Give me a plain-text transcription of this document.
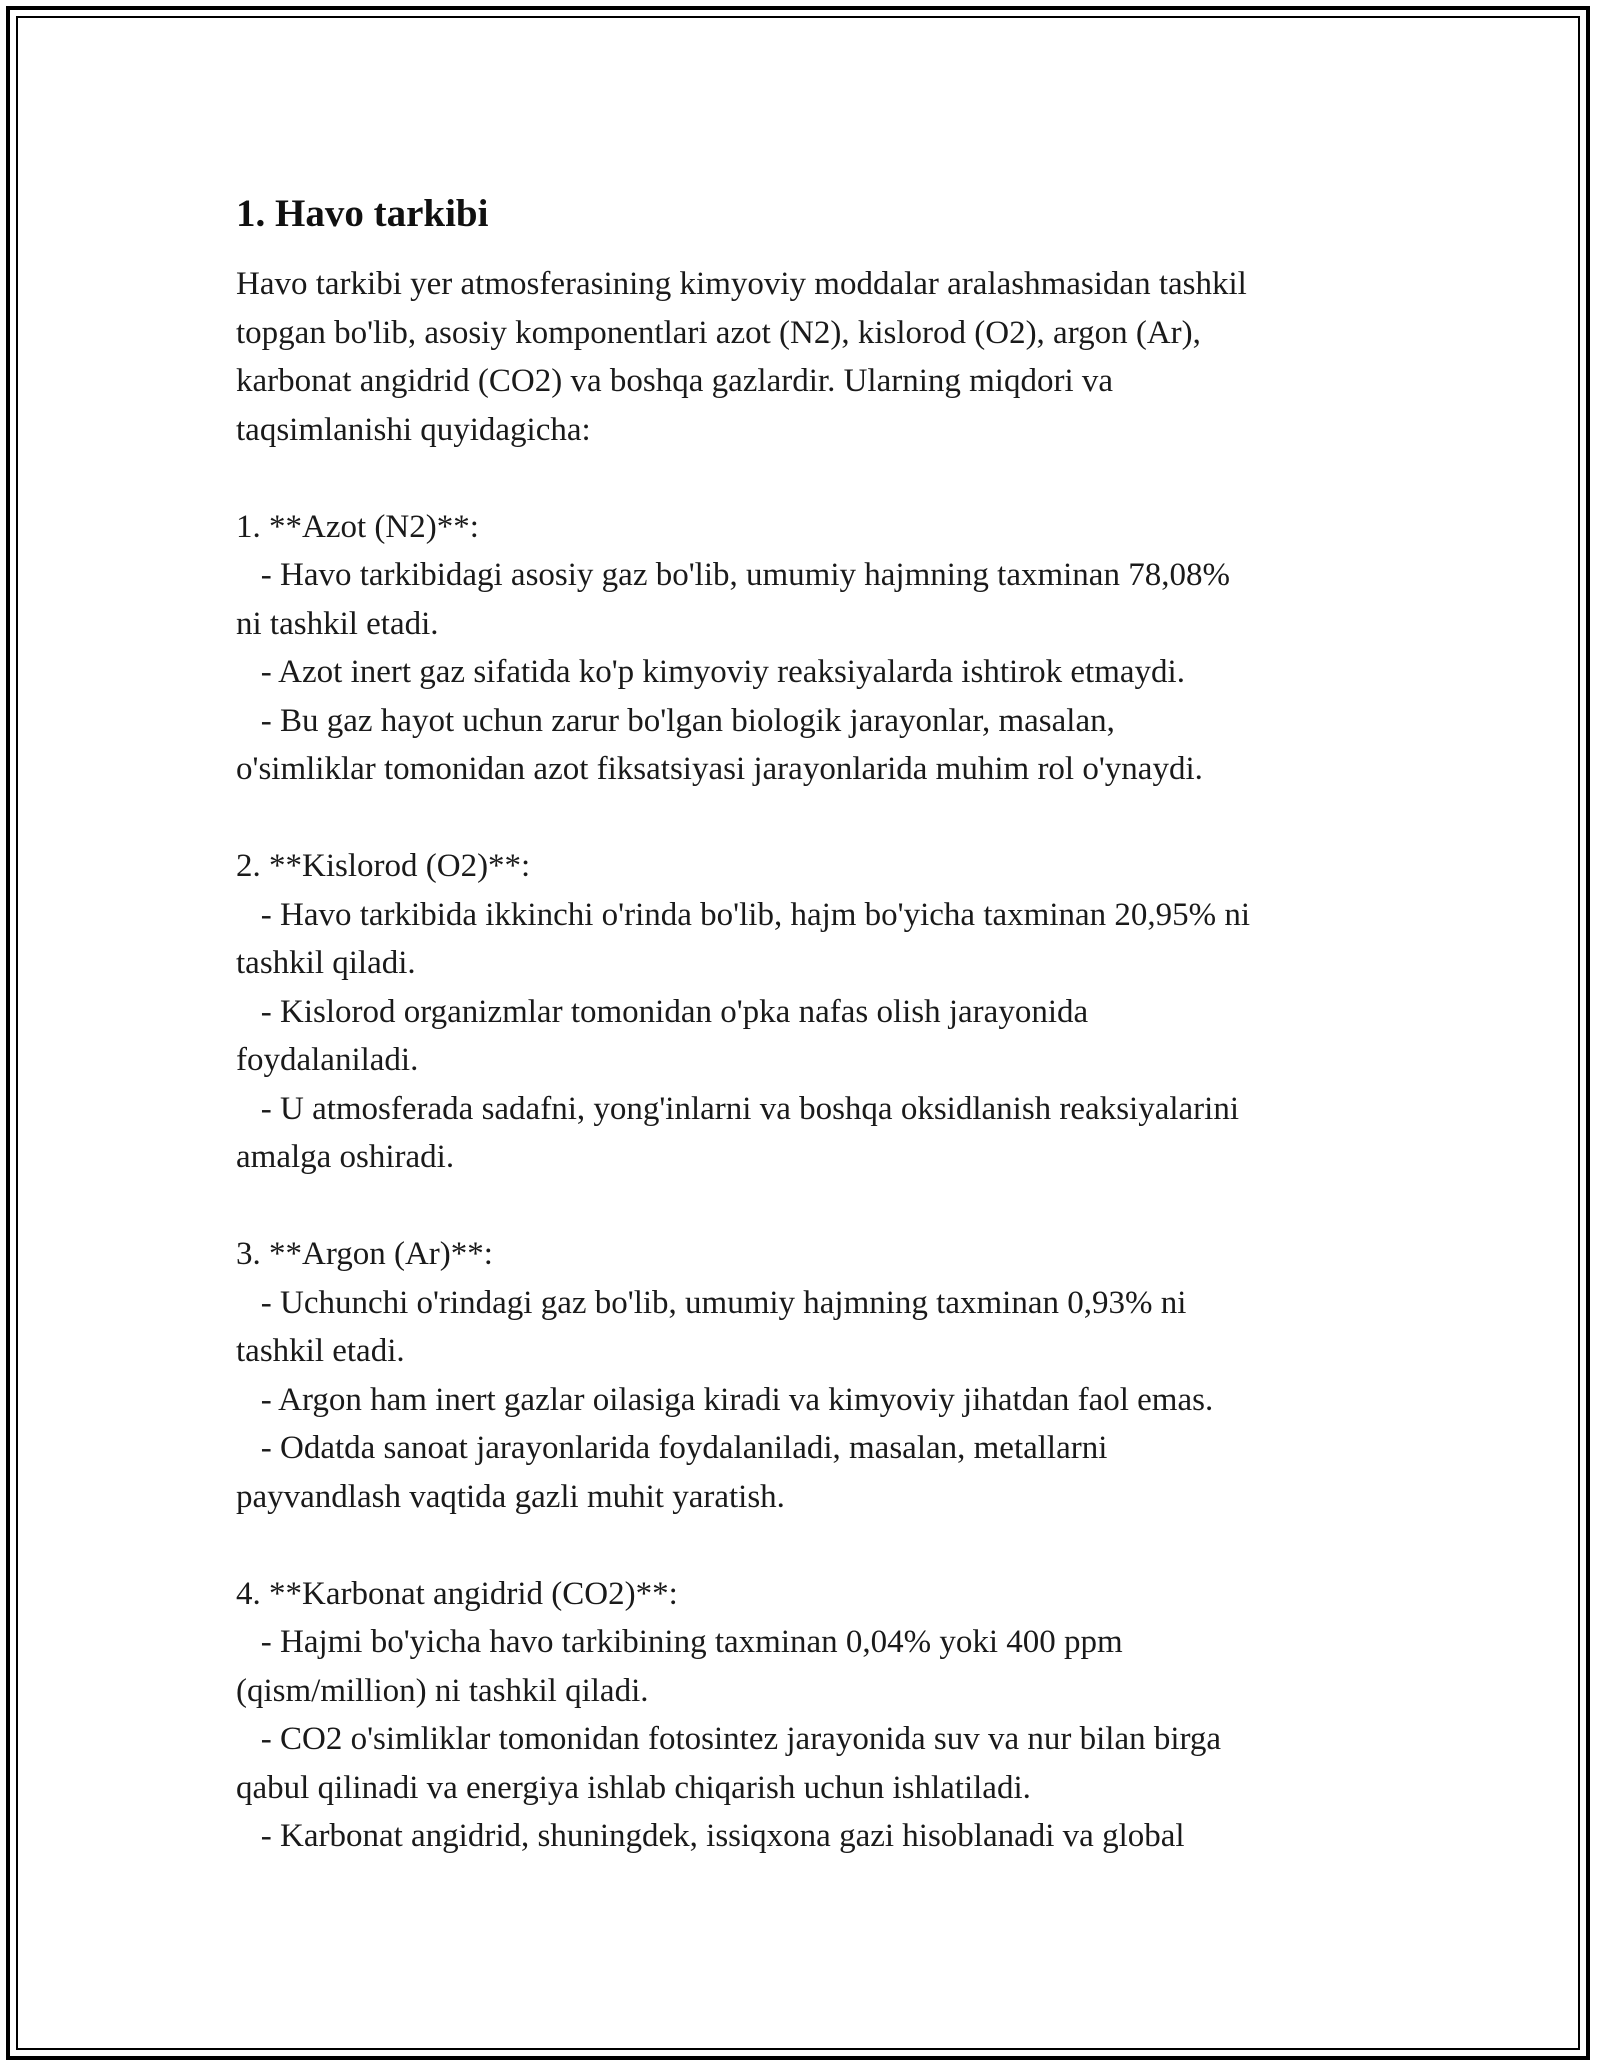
1. Havo tarkibi
Havo tarkibi yer atmosferasining kimyoviy moddalar aralashmasidan tashkil
topgan bo'lib, asosiy komponentlari azot (N2), kislorod (O2), argon (Ar),
karbonat angidrid (CO2) va boshqa gazlardir. Ularning miqdori va
taqsimlanishi quyidagicha:
1. **Azot (N2)**:
- Havo tarkibidagi asosiy gaz bo'lib, umumiy hajmning taxminan 78,08%
ni tashkil etadi.
- Azot inert gaz sifatida ko'p kimyoviy reaksiyalarda ishtirok etmaydi.
- Bu gaz hayot uchun zarur bo'lgan biologik jarayonlar, masalan,
o'simliklar tomonidan azot fiksatsiyasi jarayonlarida muhim rol o'ynaydi.
2. **Kislorod (O2)**:
- Havo tarkibida ikkinchi o'rinda bo'lib, hajm bo'yicha taxminan 20,95% ni
tashkil qiladi.
- Kislorod organizmlar tomonidan o'pka nafas olish jarayonida
foydalaniladi.
- U atmosferada sadafni, yong'inlarni va boshqa oksidlanish reaksiyalarini
amalga oshiradi.
3. **Argon (Ar)**:
- Uchunchi o'rindagi gaz bo'lib, umumiy hajmning taxminan 0,93% ni
tashkil etadi.
- Argon ham inert gazlar oilasiga kiradi va kimyoviy jihatdan faol emas.
- Odatda sanoat jarayonlarida foydalaniladi, masalan, metallarni
payvandlash vaqtida gazli muhit yaratish.
4. **Karbonat angidrid (CO2)**:
- Hajmi bo'yicha havo tarkibining taxminan 0,04% yoki 400 ppm
(qism/million) ni tashkil qiladi.
- CO2 o'simliklar tomonidan fotosintez jarayonida suv va nur bilan birga
qabul qilinadi va energiya ishlab chiqarish uchun ishlatiladi.
- Karbonat angidrid, shuningdek, issiqxona gazi hisoblanadi va global
